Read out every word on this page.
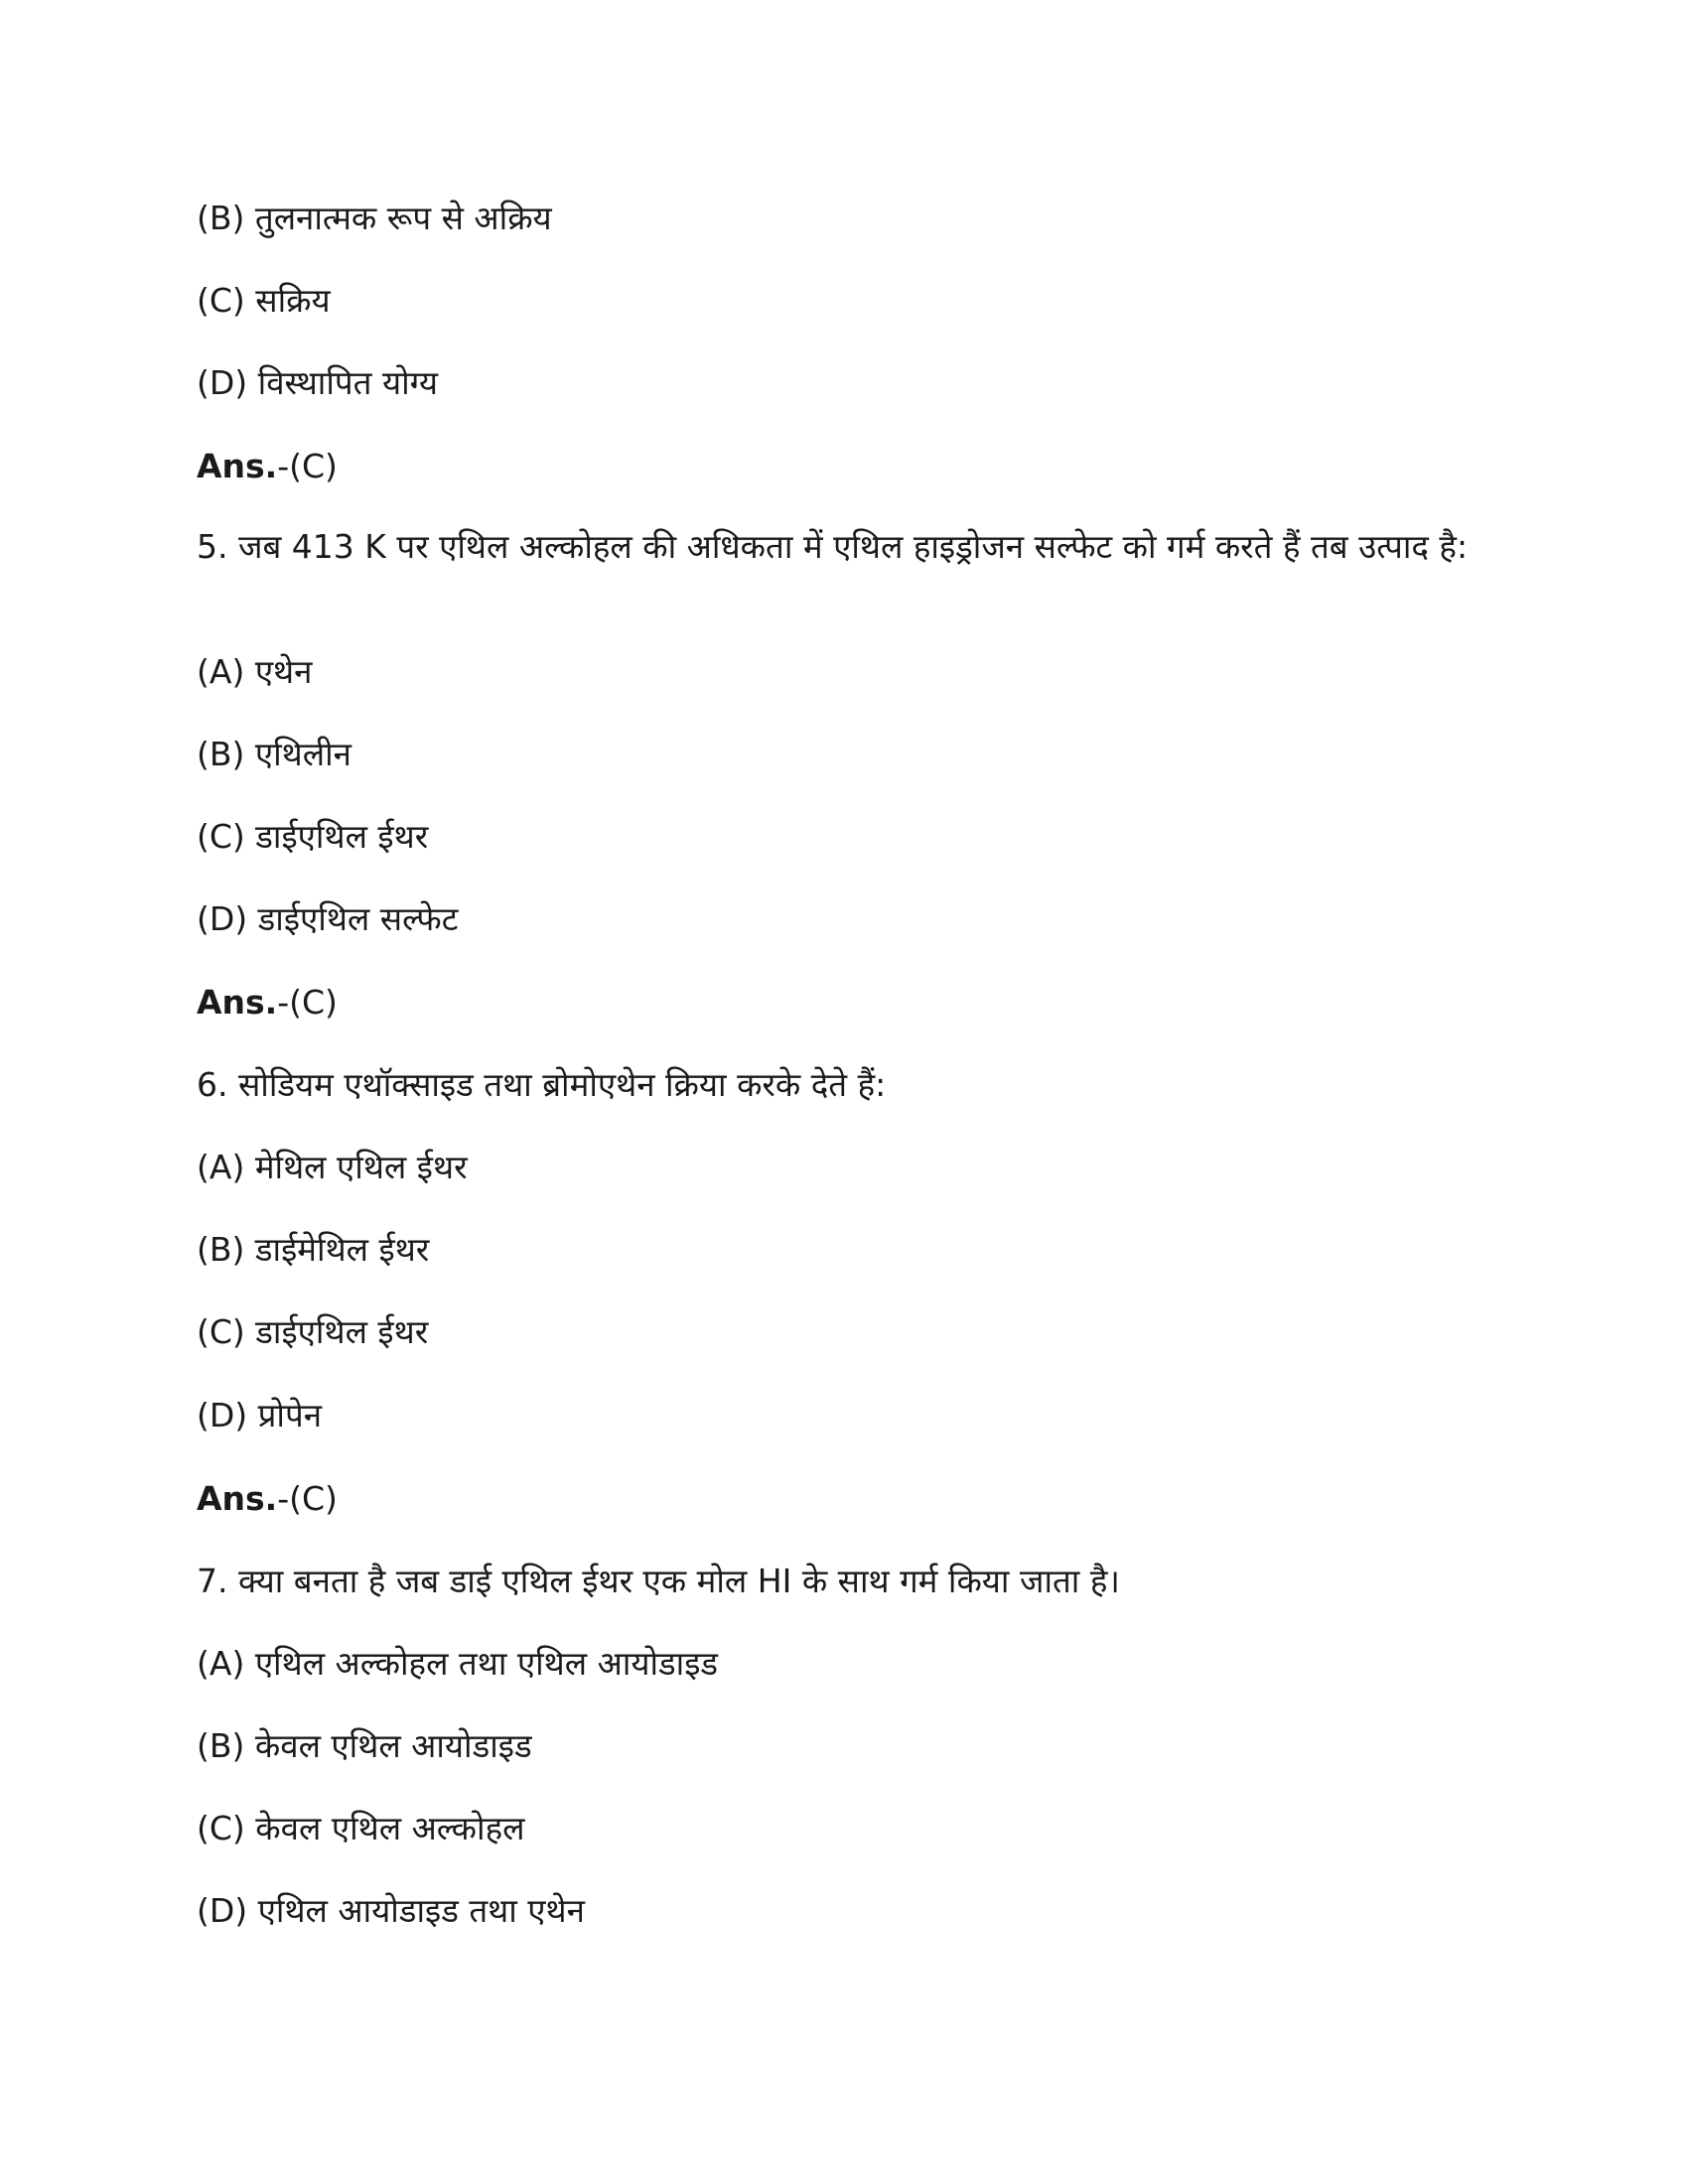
(B) तुलनात्मक रूप से अक्रिय
(C) सक्रिय
(D) विस्थापित योग्य
Ans.-(C)
5. जब 413 K पर एथिल अल्कोहल की अधिकता में एथिल हाइड्रोजन सल्फेट को गर्म करते हैं तब उत्पाद है:
(A) एथेन
(B) एथिलीन
(C) डाईएथिल ईथर
(D) डाईएथिल सल्फेट
Ans.-(C)
6. सोडियम एथॉक्साइड तथा ब्रोमोएथेन क्रिया करके देते हैं:
(A) मेथिल एथिल ईथर
(B) डाईमेथिल ईथर
(C) डाईएथिल ईथर
(D) प्रोपेन
Ans.-(C)
7. क्या बनता है जब डाई एथिल ईथर एक मोल HI के साथ गर्म किया जाता है।
(A) एथिल अल्कोहल तथा एथिल आयोडाइड
(B) केवल एथिल आयोडाइड
(C) केवल एथिल अल्कोहल
(D) एथिल आयोडाइड तथा एथेन
